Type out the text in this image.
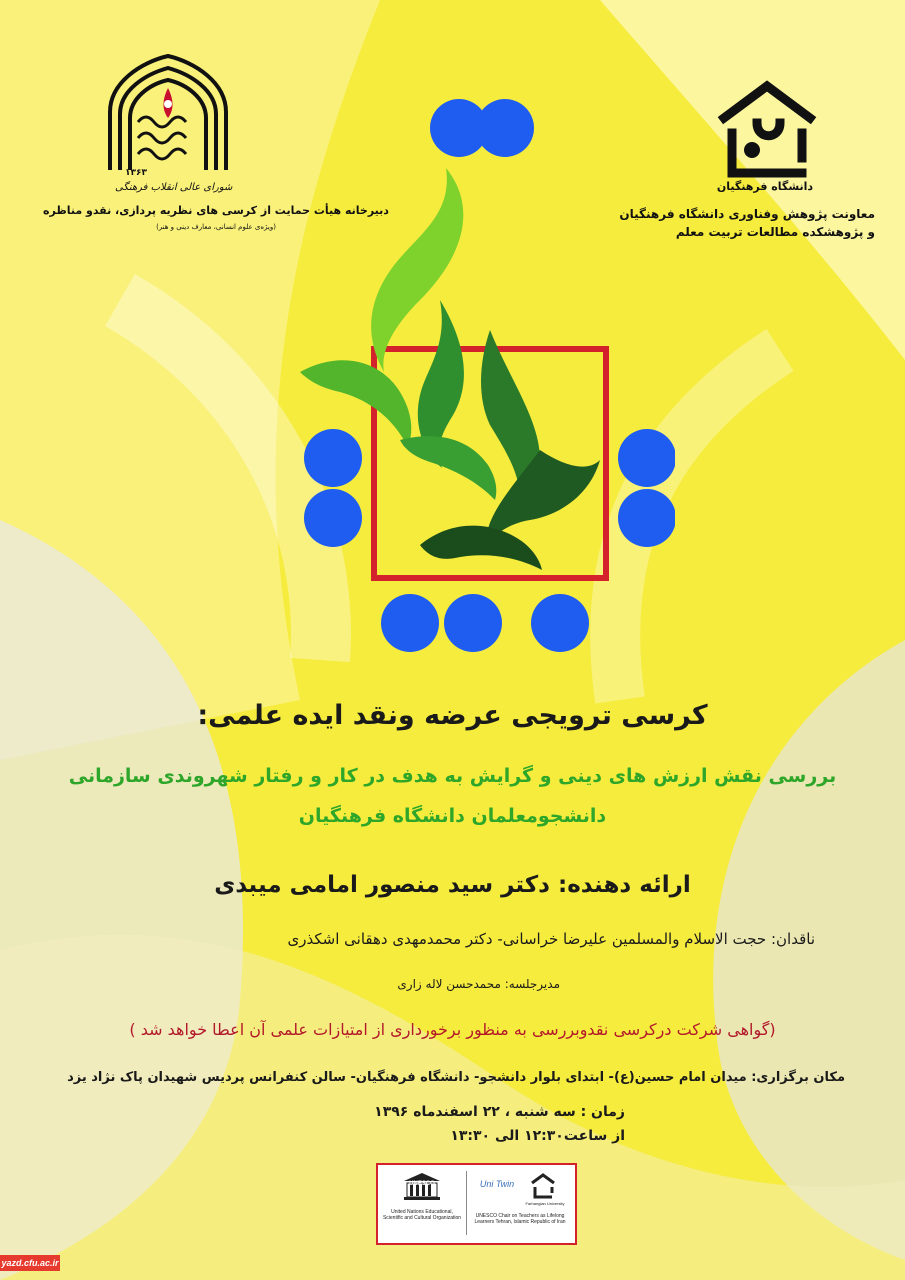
دانشگاه فرهنگیان
معاونت پژوهش وفناوری دانشگاه فرهنگیان
و پژوهشکده مطالعات تربیت معلم
۱۳۶۳
شورای عالی انقلاب فرهنگی
دبیرخانه هیأت حمایت از کرسی های نظریه پردازی، نقدو مناظره
(ویژه‌ی علوم انسانی، معارف دینی و هنر)
کرسی ترویجی عرضه ونقد ایده علمی:
بررسی نقش ارزش های دینی و گرایش به هدف در کار و رفتار شهروندی سازمانی
دانشجومعلمان دانشگاه فرهنگیان
ارائه دهنده: دکتر سید منصور امامی میبدی
ناقدان: حجت الاسلام والمسلمین علیرضا خراسانی- دکتر محمدمهدی دهقانی اشکذری
مدیرجلسه: محمدحسن لاله زاری
(گواهی شرکت درکرسی نقدوبررسی به منظور برخورداری از امتیازات علمی آن اعطا خواهد شد )
مکان برگزاری: میدان امام حسین(ع)- ابتدای بلوار دانشجو- دانشگاه فرهنگیان- سالن کنفرانس پردیس شهیدان پاک نژاد یزد
زمان : سه شنبه ، ۲۲ اسفندماه ۱۳۹۶
از ساعت۱۲:۳۰ الی ۱۳:۳۰
UNESCO
United Nations Educational, Scientific and Cultural Organization
Uni Twin
Farhangian University
UNESCO Chair on Teachers as Lifelong Learners Tehran, Islamic Republic of Iran
yazd.cfu.ac.ir
